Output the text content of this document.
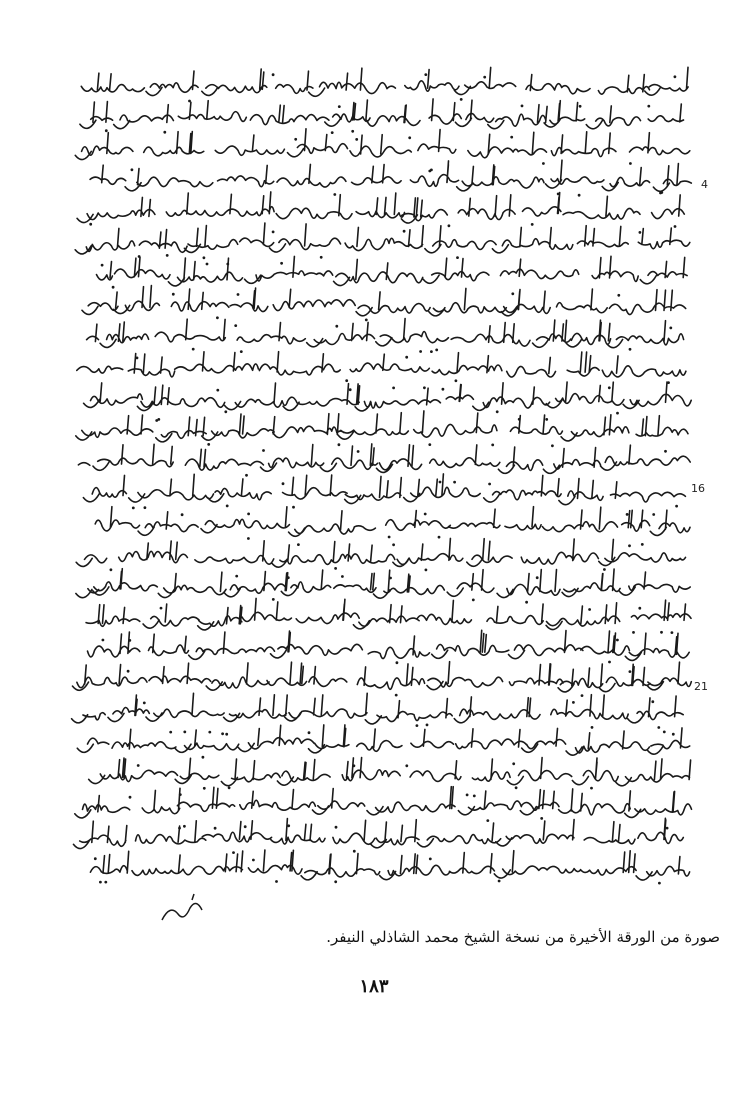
4
16
21
صورة من الورقة الأخيرة من نسخة الشيخ محمد الشاذلي النيفر.
١٨٣
